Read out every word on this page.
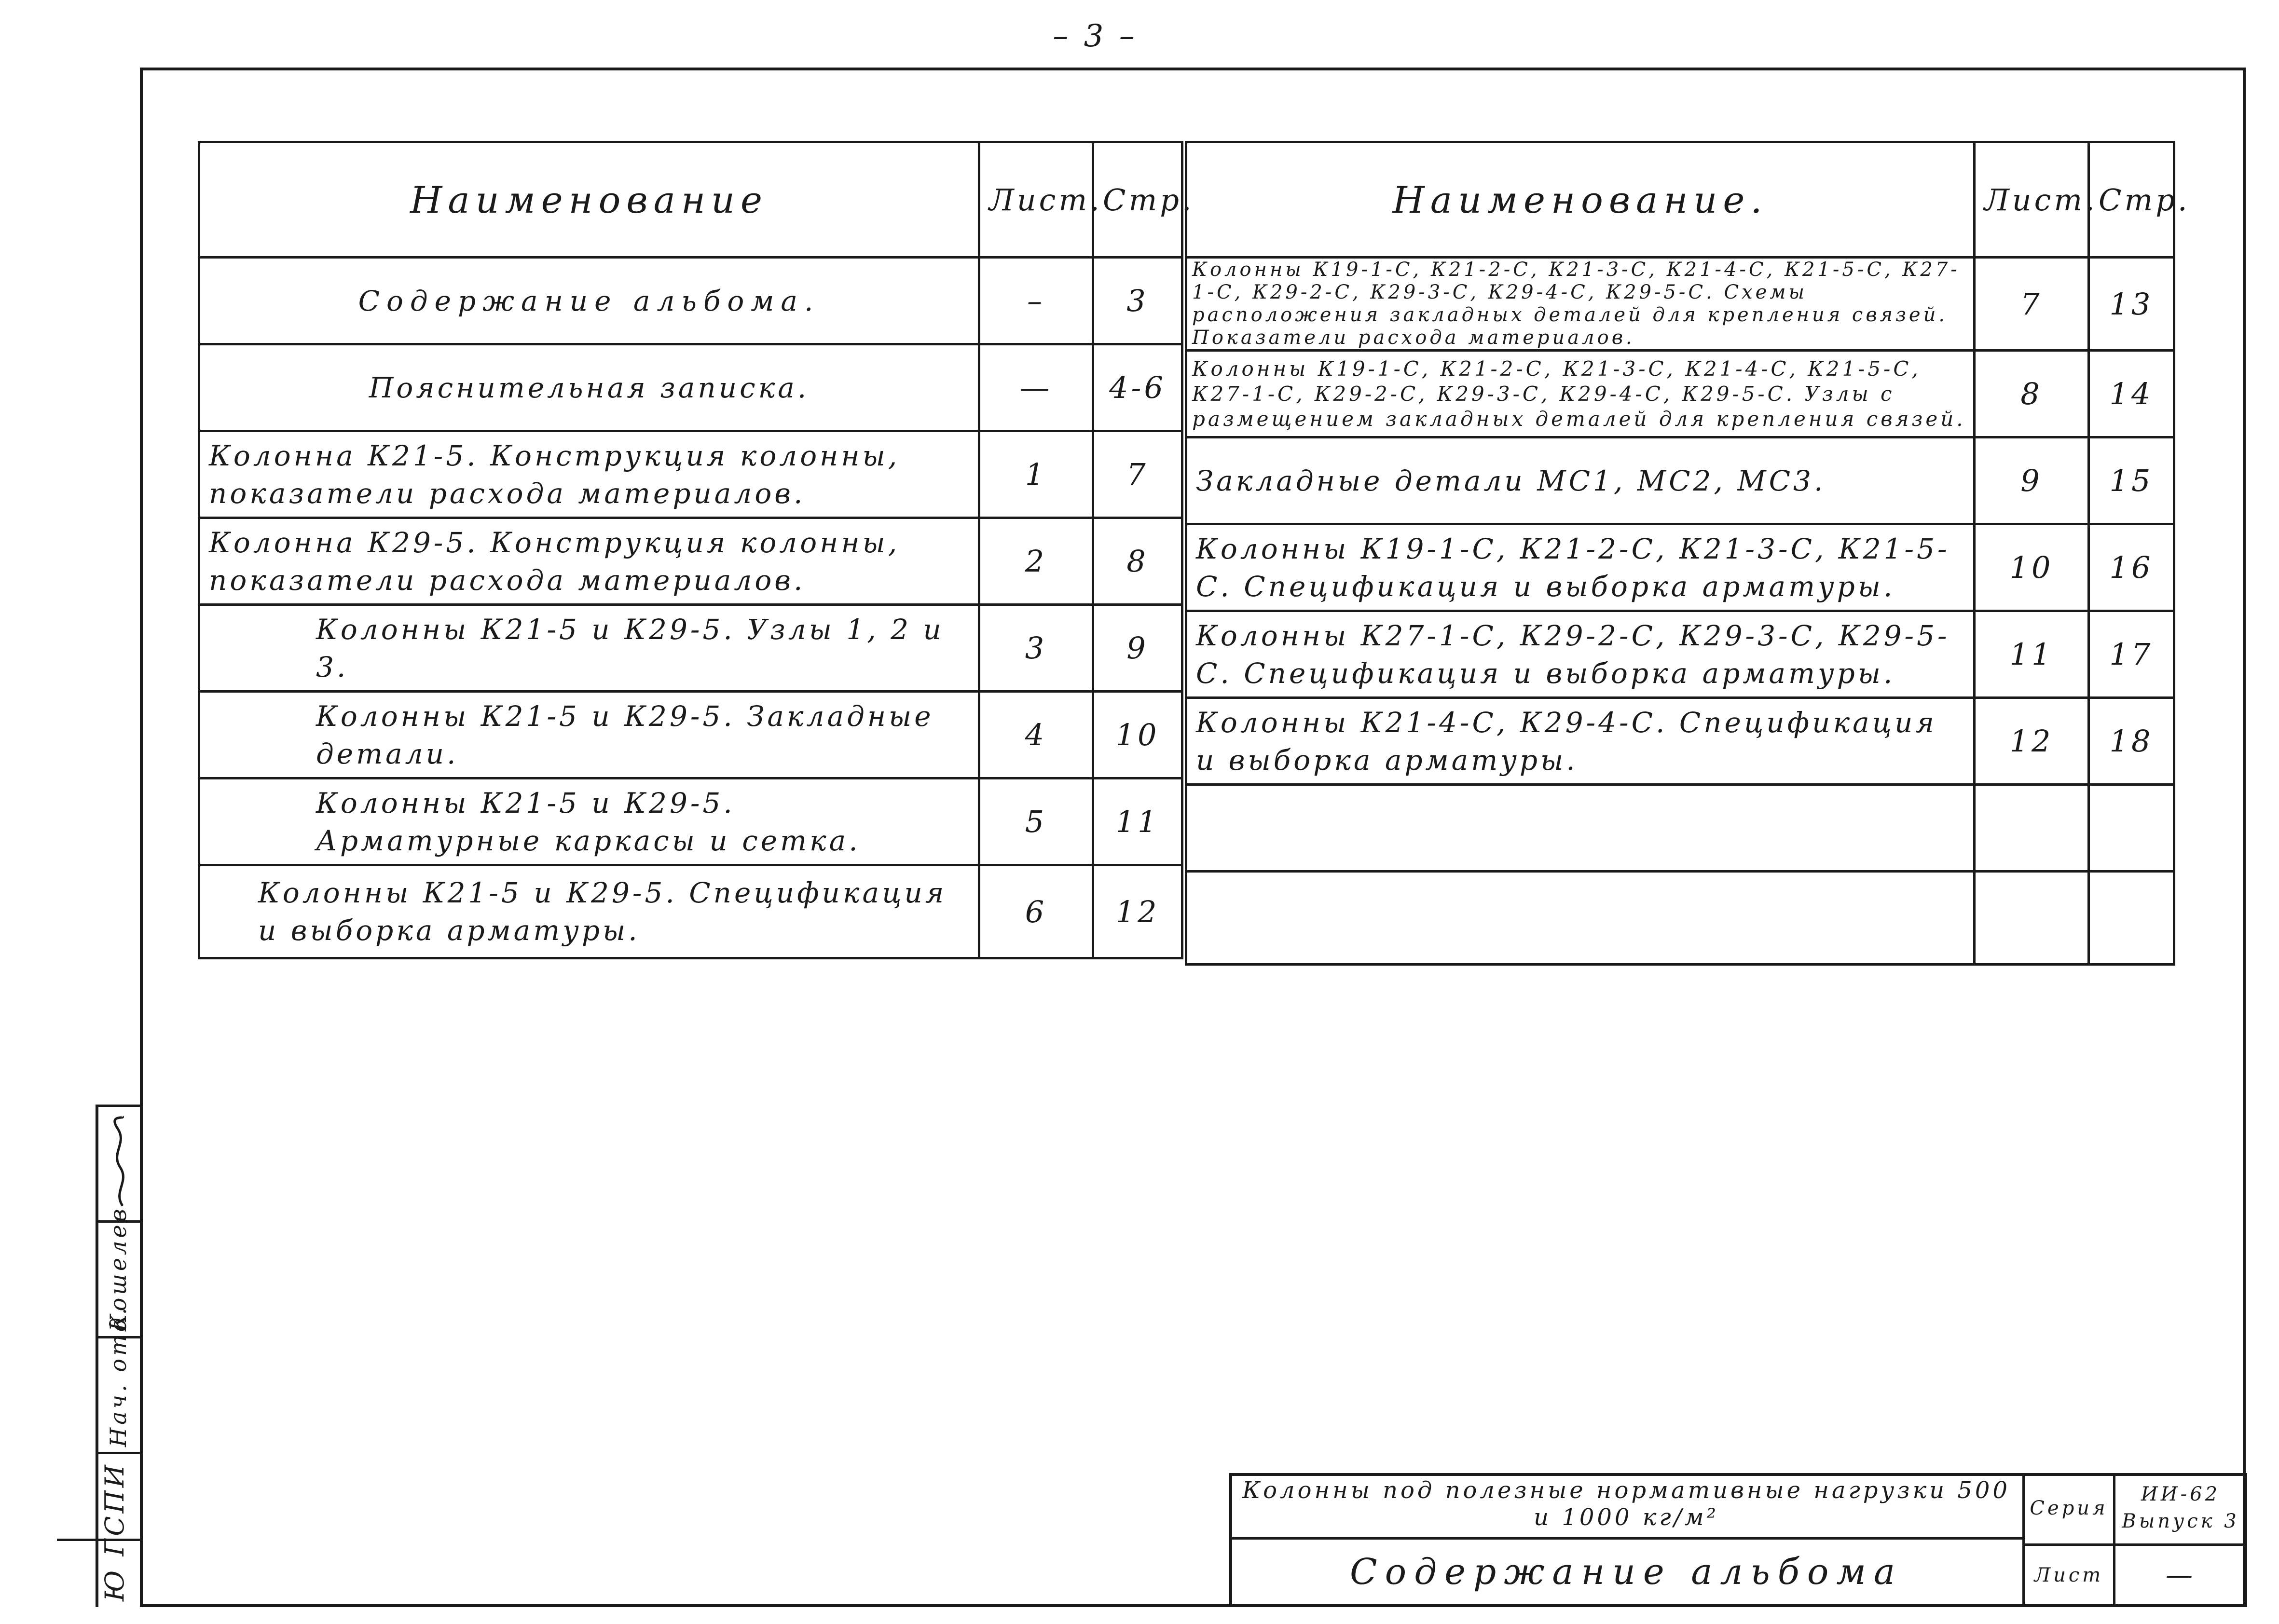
– 3 –
Наименование	Лист.	Стр.
Содержание альбома.	–	3
Пояснительная записка.	—	4-6
Колонна К21-5. Конструкция колонны, показатели расхода материалов.	1	7
Колонна К29-5. Конструкция колонны, показатели расхода материалов.	2	8
Колонны К21-5 и К29-5. Узлы 1, 2 и 3.	3	9
Колонны К21-5 и К29-5. Закладные детали.	4	10
Колонны К21-5 и К29-5. Арматурные каркасы и сетка.	5	11
Колонны К21-5 и К29-5. Спецификация и выборка арматуры.	6	12
Наименование.	Лист.	Стр.
Колонны К19-1-С, К21-2-С, К21-3-С, К21-4-С, К21-5-С, К27-1-С, К29-2-С, К29-3-С, К29-4-С, К29-5-С. Схемы расположения закладных деталей для крепления связей. Показатели расхода материалов.	7	13
Колонны К19-1-С, К21-2-С, К21-3-С, К21-4-С, К21-5-С, К27-1-С, К29-2-С, К29-3-С, К29-4-С, К29-5-С. Узлы с размещением закладных деталей для крепления связей.	8	14
Закладные детали МС1, МС2, МС3.	9	15
Колонны К19-1-С, К21-2-С, К21-3-С, К21-5-С. Спецификация и выборка арматуры.	10	16
Колонны К27-1-С, К29-2-С, К29-3-С, К29-5-С. Спецификация и выборка арматуры.	11	17
Колонны К21-4-С, К29-4-С. Спецификация и выборка арматуры.	12	18

Ю ГСПИ
Нач. отд.
Кошелев
Колонны под полезные нормативные нагрузки 500 и 1000 кг/м²
Содержание альбома
Серия
ИИ-62 Выпуск 3
Лист	—
